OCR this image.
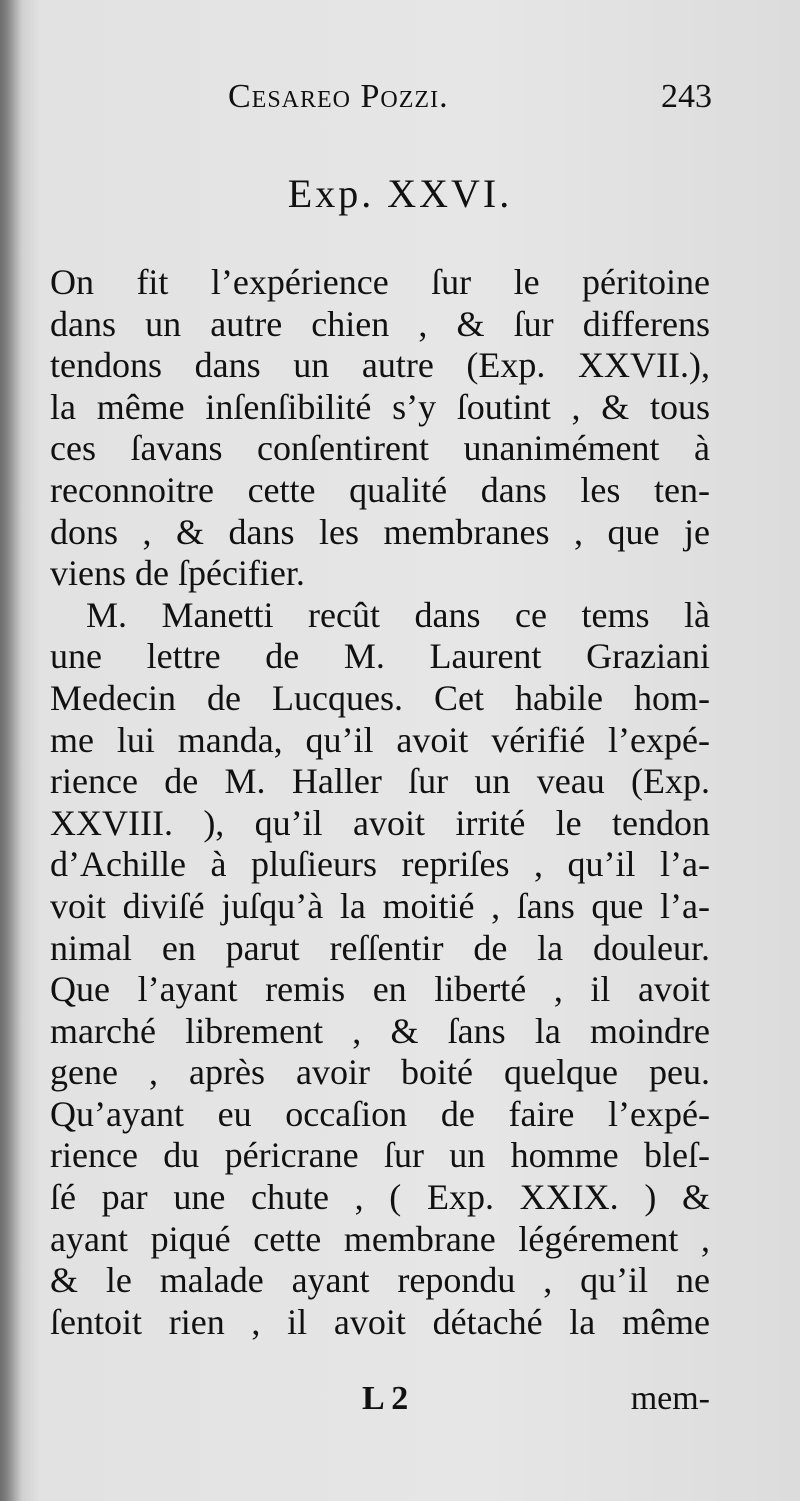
Cesareo Pozzi.	243
Exp. XXVI.
On fit l’expérience ſur le péritoine
dans un autre chien , & ſur differens
tendons dans un autre (Exp. XXVII.),
la même inſenſibilité s’y ſoutint , & tous
ces ſavans conſentirent unanimément à
reconnoitre cette qualité dans les ten-
dons , & dans les membranes , que je
viens de ſpécifier.
M. Manetti recût dans ce tems là
une lettre de M. Laurent Graziani
Medecin de Lucques. Cet habile hom-
me lui manda, qu’il avoit vérifié l’expé-
rience de M. Haller ſur un veau (Exp.
XXVIII. ), qu’il avoit irrité le tendon
d’Achille à pluſieurs repriſes , qu’il l’a-
voit diviſé juſqu’à la moitié , ſans que l’a-
nimal en parut reſſentir de la douleur.
Que l’ayant remis en liberté , il avoit
marché librement , & ſans la moindre
gene , après avoir boité quelque peu.
Qu’ayant eu occaſion de faire l’expé-
rience du péricrane ſur un homme bleſ-
ſé par une chute , ( Exp. XXIX. ) &
ayant piqué cette membrane légérement ,
& le malade ayant repondu , qu’il ne
ſentoit rien , il avoit détaché la même
L 2	mem-
